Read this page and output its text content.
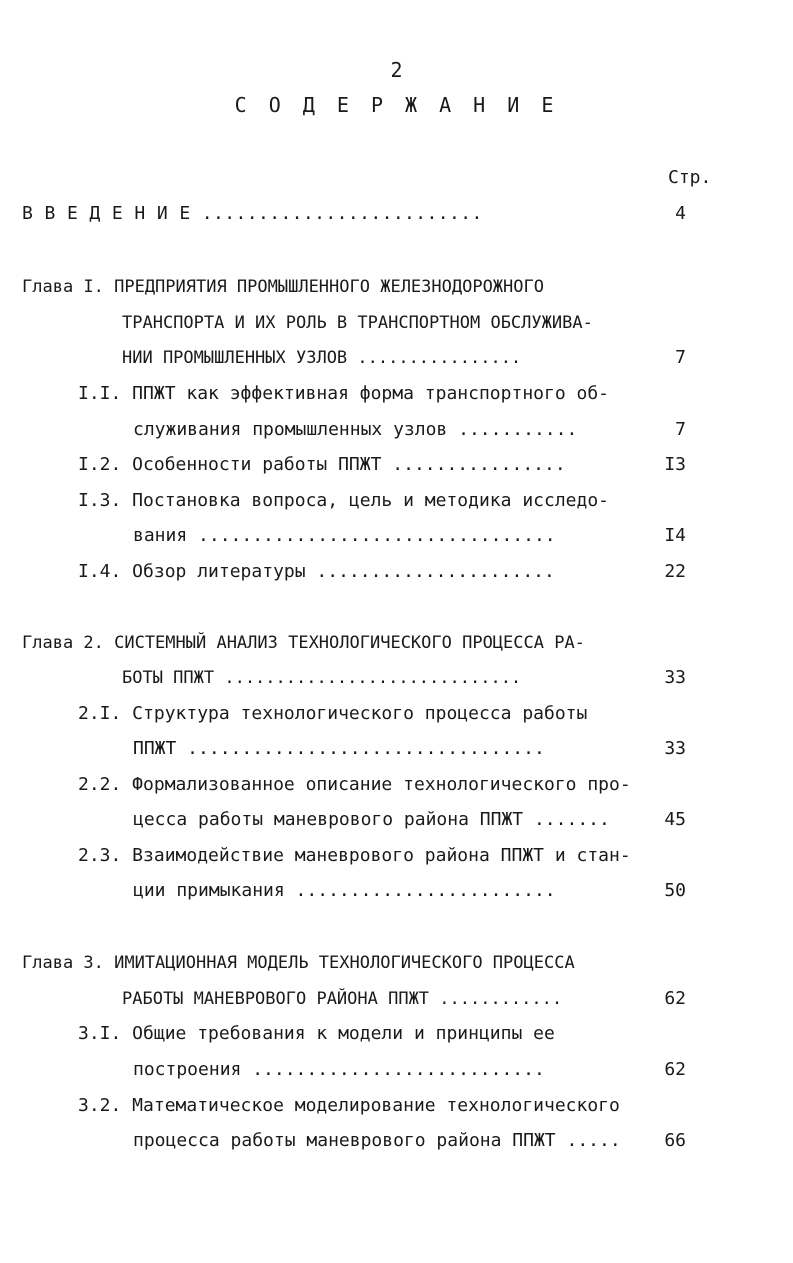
2
С О Д Е Р Ж А Н И Е
Стр.
В В Е Д Е Н И Е .........................	4
Глава I. ПРЕДПРИЯТИЯ ПРОМЫШЛЕННОГО ЖЕЛЕЗНОДОРОЖНОГО
ТРАНСПОРТА И ИХ РОЛЬ В ТРАНСПОРТНОМ ОБСЛУЖИВА-
НИИ ПРОМЫШЛЕННЫХ УЗЛОВ ................	7
I.I. ППЖТ как эффективная форма транспортного об-
служивания промышленных узлов ...........	7
I.2. Особенности работы ППЖТ ................	I3
I.3. Постановка вопроса, цель и методика исследо-
вания .................................	I4
I.4. Обзор литературы ......................	22
Глава 2. СИСТЕМНЫЙ АНАЛИЗ ТЕХНОЛОГИЧЕСКОГО ПРОЦЕССА РА-
БОТЫ ППЖТ .............................	33
2.I. Структура технологического процесса работы
ППЖТ .................................	33
2.2. Формализованное описание технологического про-
цесса работы маневрового района ППЖТ .......	45
2.3. Взаимодействие маневрового района ППЖТ и стан-
ции примыкания ........................	50
Глава 3. ИМИТАЦИОННАЯ МОДЕЛЬ ТЕХНОЛОГИЧЕСКОГО ПРОЦЕССА
РАБОТЫ МАНЕВРОВОГО РАЙОНА ППЖТ ............	62
3.I. Общие требования к модели и принципы ее
построения ...........................	62
3.2. Математическое моделирование технологического
процесса работы маневрового района ППЖТ .....	66
